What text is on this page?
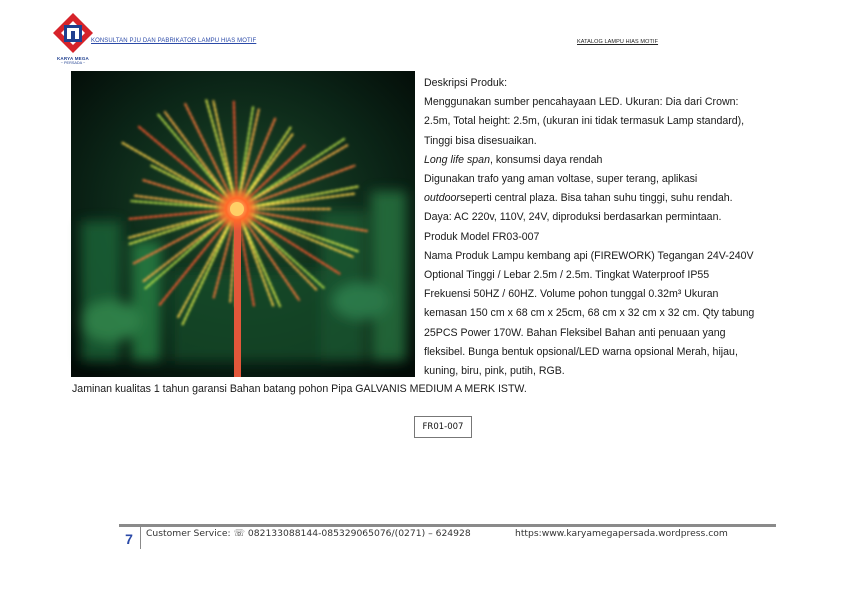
KARYA MEGA
~ PERSADA ~
KONSULTAN PJU DAN PABRIKATOR LAMPU HIAS MOTIF	KATALOG LAMPU HIAS MOTIF
FR01-007

Deskripsi Produk:

Menggunakan sumber pencahayaan LED. Ukuran: Dia dari Crown:

2.5m, Total height: 2.5m, (ukuran ini tidak termasuk Lamp standard),

Tinggi bisa disesuaikan.

Long life span, konsumsi daya rendah

Digunakan trafo yang aman voltase, super terang, aplikasi

outdoorseperti central plaza. Bisa tahan suhu tinggi, suhu rendah.

Daya: AC 220v, 110V, 24V, diproduksi berdasarkan permintaan.

Produk Model FR03-007

Nama Produk Lampu kembang api (FIREWORK) Tegangan 24V-240V

Optional Tinggi / Lebar 2.5m / 2.5m. Tingkat Waterproof IP55

Frekuensi 50HZ / 60HZ. Volume pohon tunggal 0.32m³ Ukuran

kemasan 150 cm x 68 cm x 25cm, 68 cm x 32 cm x 32 cm. Qty tabung

25PCS Power 170W. Bahan Fleksibel Bahan anti penuaan yang

fleksibel. Bunga bentuk opsional/LED warna opsional Merah, hijau,

kuning, biru, pink, putih, RGB.

Jaminan kualitas 1 tahun garansi Bahan batang pohon Pipa GALVANIS MEDIUM A MERK ISTW.
7	Customer Service: ☏ 082133088144-085329065076/(0271) – 624928	https:www.karyamegapersada.wordpress.com
